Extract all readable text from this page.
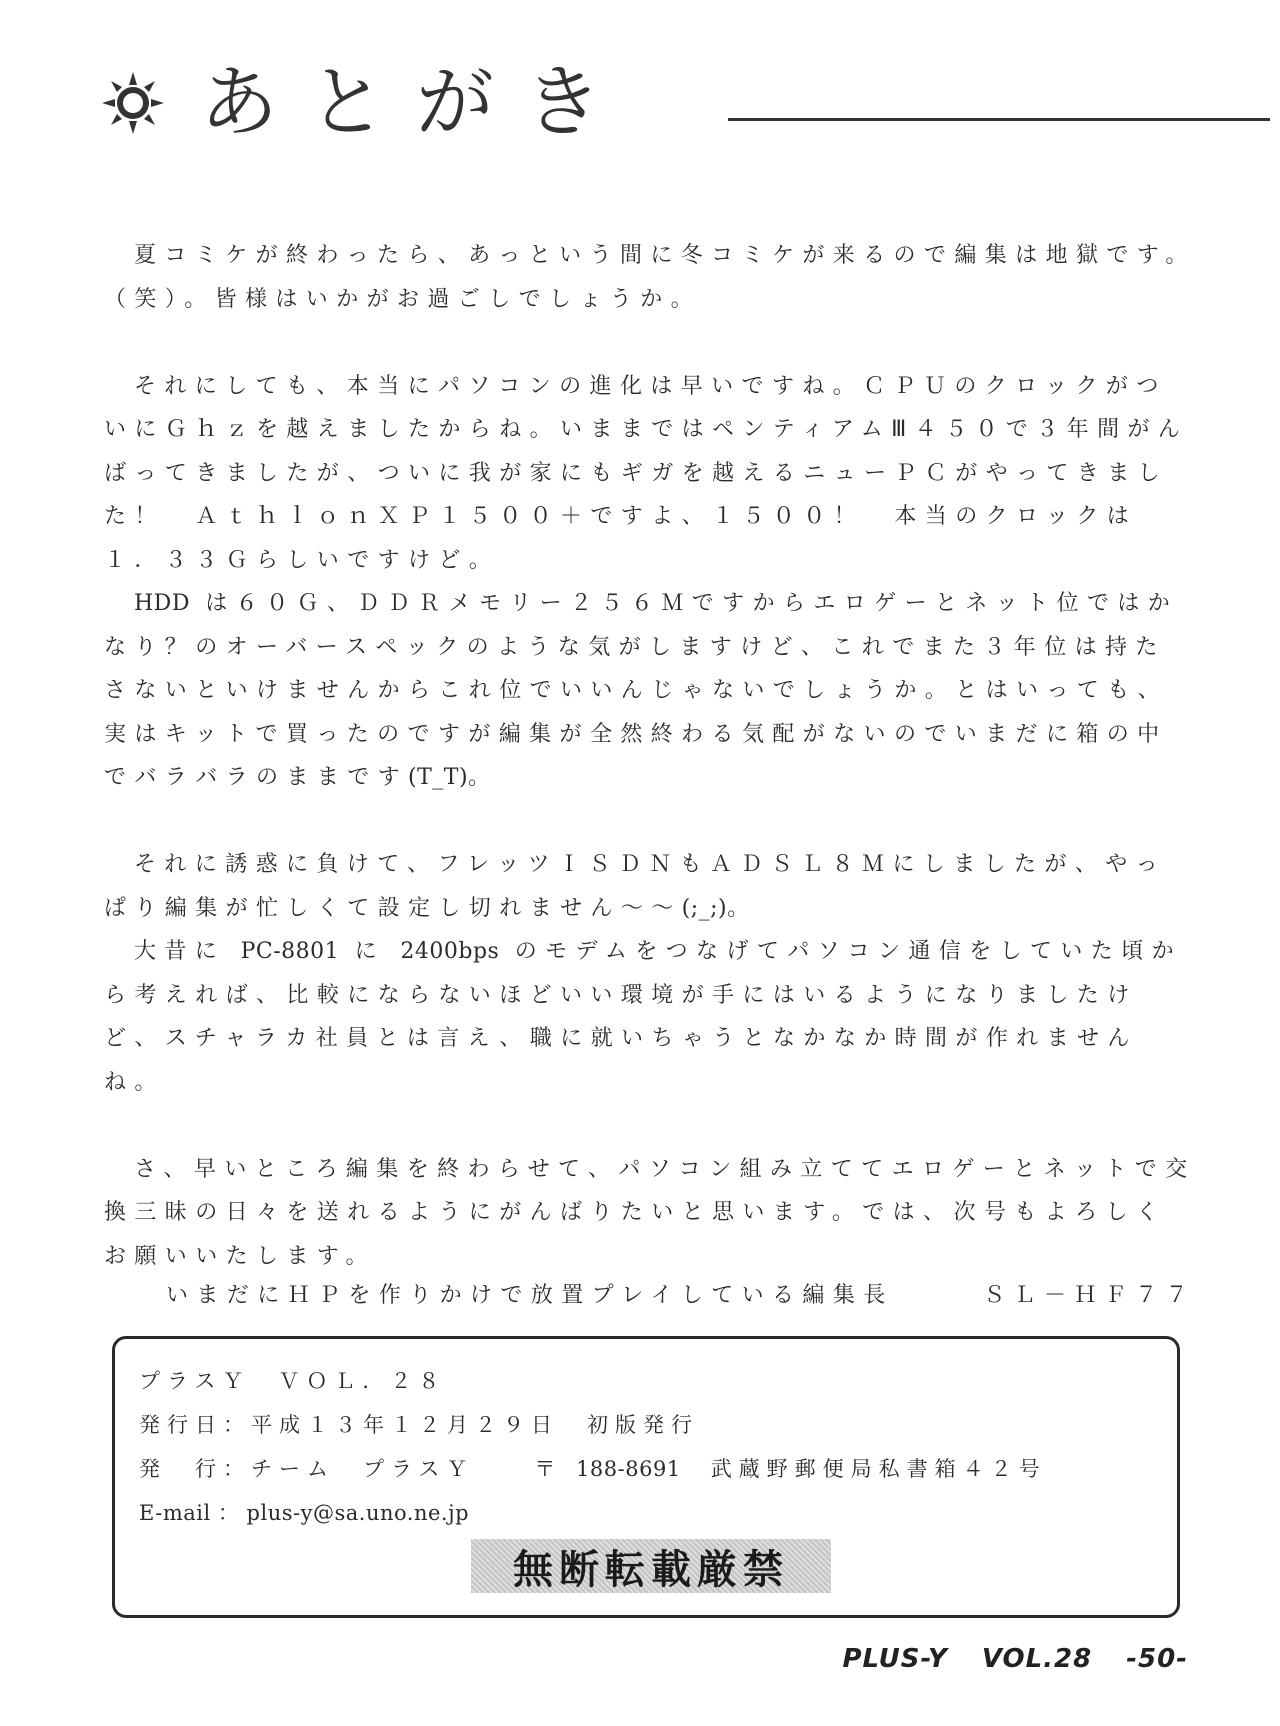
あとがき

夏コミケが終わったら、あっという間に冬コミケが来るので編集は地獄です。（笑）。皆様はいかがお過ごしでしょうか。

それにしても、本当にパソコンの進化は早いですね。ＣＰＵのクロックがついにＧｈｚを越えましたからね。いままではペンティアムⅢ４５０で３年間がんばってきましたが、ついに我が家にもギガを越えるニューＰＣがやってきました！　ＡｔｈｌｏｎＸＰ１５００＋ですよ、１５００！　本当のクロックは１．３３Ｇらしいですけど。

HDD は６０Ｇ、ＤＤＲメモリー２５６Ｍですからエロゲーとネット位ではかなり？のオーバースペックのような気がしますけど、これでまた３年位は持たさないといけませんからこれ位でいいんじゃないでしょうか。とはいっても、実はキットで買ったのですが編集が全然終わる気配がないのでいまだに箱の中でバラバラのままです(T_T)。

それに誘惑に負けて、フレッツＩＳＤＮもＡＤＳＬ８Ｍにしましたが、やっぱり編集が忙しくて設定し切れません～～(;_;)。

大昔に PC-8801 に 2400bps のモデムをつなげてパソコン通信をしていた頃から考えれば、比較にならないほどいい環境が手にはいるようになりましたけど、スチャラカ社員とは言え、職に就いちゃうとなかなか時間が作れませんね。

さ、早いところ編集を終わらせて、パソコン組み立ててエロゲーとネットで交換三昧の日々を送れるようにがんばりたいと思います。では、次号もよろしくお願いいたします。

いまだにＨＰを作りかけで放置プレイしている編集長	ＳＬ－ＨＦ７７
プラスＹ　ＶＯＬ．２８
発行日：平成１３年１２月２９日　初版発行
発　行：チーム　プラスＹ	〒 188-8691 武蔵野郵便局私書箱４２号
E-mail ： plus-y@sa.uno.ne.jp
無断転載厳禁
PLUS-Y VOL.28 -50-
